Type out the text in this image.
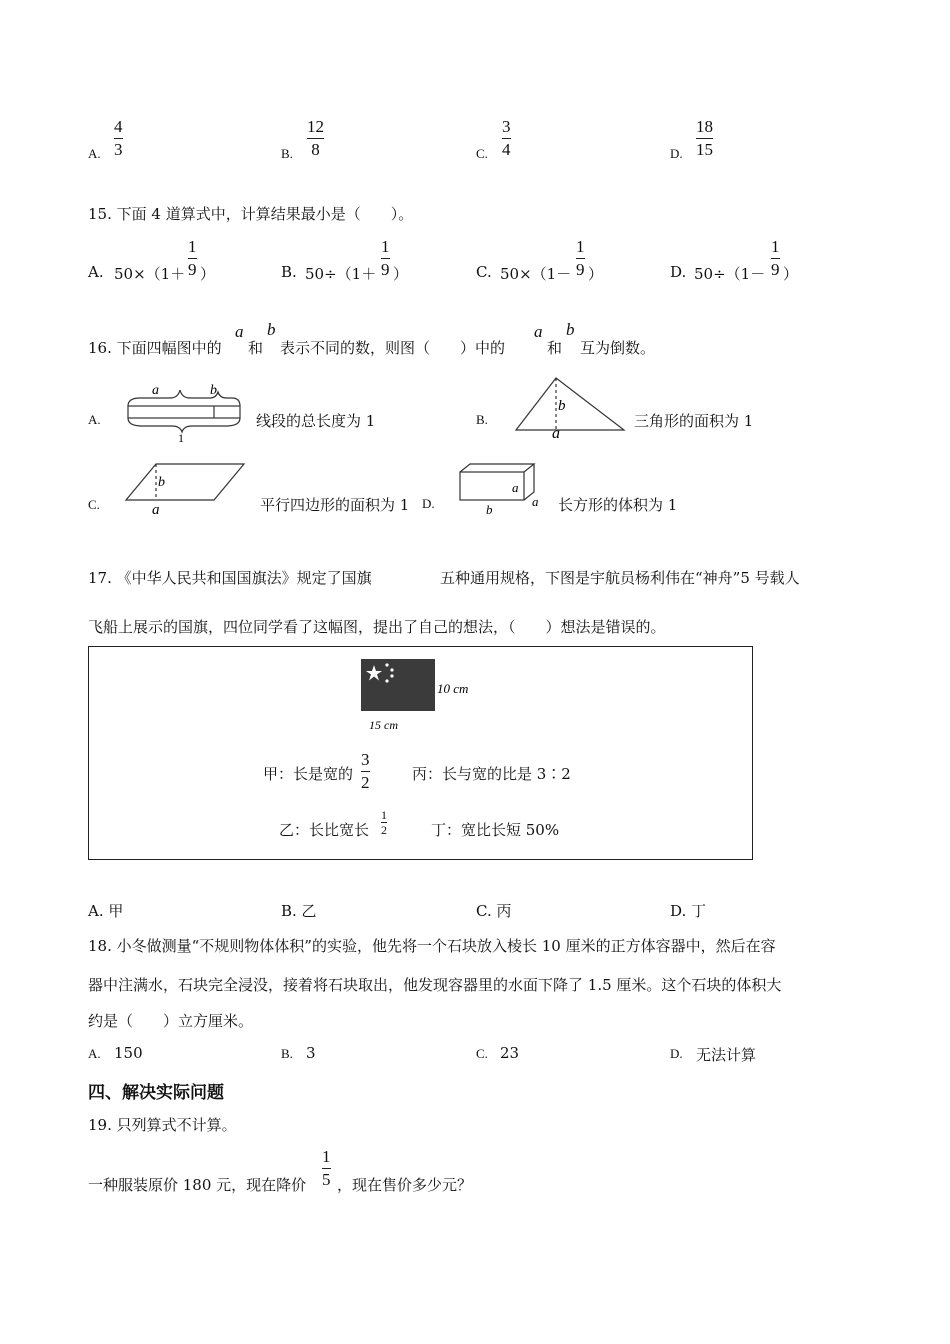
A.
4
3	B.
12
8	C.
3
4	D.
18
15
15. 下面 4 道算式中，计算结果最小是（　　）。
A. 50×（1＋
1
9 ）	B. 50÷（1＋
1
9 ）	C. 50×（1－
1
9 ）	D. 50÷（1－
1
9 ）
16. 下面四幅图中的
a
和
b
表示不同的数，则图（　　）中的
a
和
b
互为倒数。
A.
a	b
1
线段的总长度为 1	B.
b
a
三角形的面积为 1
C.
b
a	平行四边形的面积为 1 D.
a
a
b	长方形的体积为 1
17. 《中华人民共和国国旗法》规定了国旗	五种通用规格，下图是宇航员杨利伟在“神舟”5 号载人
飞船上展示的国旗，四位同学看了这幅图，提出了自己的想法，（　　）想法是错误的。
10 cm
15 cm
甲：长是宽的
3
2	丙：长与宽的比是 3∶2
乙：长比宽长
1
2	丁：宽比长短 50%
A. 甲	B. 乙	C. 丙	D. 丁
18. 小冬做测量“不规则物体体积”的实验，他先将一个石块放入棱长 10 厘米的正方体容器中，然后在容
器中注满水，石块完全浸没，接着将石块取出，他发现容器里的水面下降了 1.5 厘米。这个石块的体积大
约是（　　）立方厘米。
A. 150	B. 3	C. 23	D. 无法计算
四、解决实际问题
19. 只列算式不计算。
一种服装原价 180 元，现在降价
1
5 ，现在售价多少元？
